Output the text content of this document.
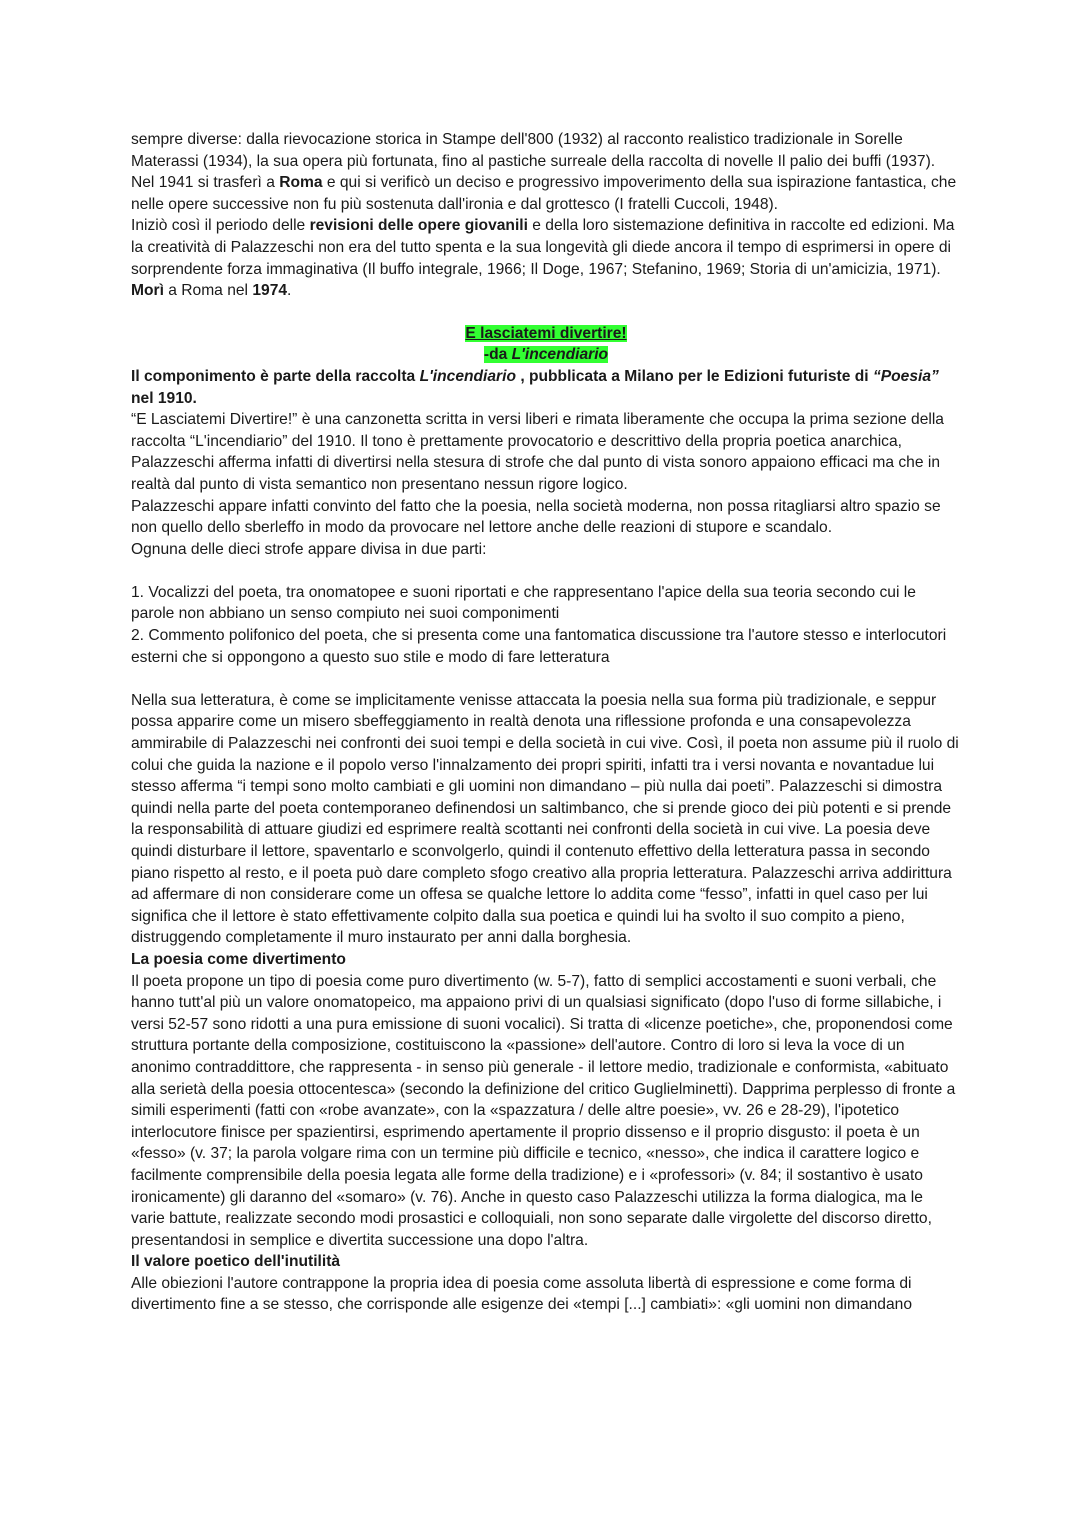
sempre diverse: dalla rievocazione storica in Stampe dell'800 (1932) al racconto realistico tradizionale in Sorelle Materassi (1934), la sua opera più fortunata, fino al pastiche surreale della raccolta di novelle Il palio dei buffi (1937). Nel 1941 si trasferì a Roma e qui si verificò un deciso e progressivo impoverimento della sua ispirazione fantastica, che nelle opere successive non fu più sostenuta dall'ironia e dal grottesco (I fratelli Cuccoli, 1948).

Iniziò così il periodo delle revisioni delle opere giovanili e della loro sistemazione definitiva in raccolte ed edizioni. Ma la creatività di Palazzeschi non era del tutto spenta e la sua longevità gli diede ancora il tempo di esprimersi in opere di sorprendente forza immaginativa (Il buffo integrale, 1966; Il Doge, 1967; Stefanino, 1969; Storia di un'amicizia, 1971). Morì a Roma nel 1974.

E lasciatemi divertire!
-da L'incendiario

Il componimento è parte della raccolta L'incendiario , pubblicata a Milano per le Edizioni futuriste di “Poesia” nel 1910.

“E Lasciatemi Divertire!” è una canzonetta scritta in versi liberi e rimata liberamente che occupa la prima sezione della raccolta “L'incendiario” del 1910. Il tono è prettamente provocatorio e descrittivo della propria poetica anarchica, Palazzeschi afferma infatti di divertirsi nella stesura di strofe che dal punto di vista sonoro appaiono efficaci ma che in realtà dal punto di vista semantico non presentano nessun rigore logico.

Palazzeschi appare infatti convinto del fatto che la poesia, nella società moderna, non possa ritagliarsi altro spazio se non quello dello sberleffo in modo da provocare nel lettore anche delle reazioni di stupore e scandalo.

Ognuna delle dieci strofe appare divisa in due parti:

1. Vocalizzi del poeta, tra onomatopee e suoni riportati e che rappresentano l'apice della sua teoria secondo cui le parole non abbiano un senso compiuto nei suoi componimenti

2. Commento polifonico del poeta, che si presenta come una fantomatica discussione tra l'autore stesso e interlocutori esterni che si oppongono a questo suo stile e modo di fare letteratura

Nella sua letteratura, è come se implicitamente venisse attaccata la poesia nella sua forma più tradizionale, e seppur possa apparire come un misero sbeffeggiamento in realtà denota una riflessione profonda e una consapevolezza ammirabile di Palazzeschi nei confronti dei suoi tempi e della società in cui vive. Così, il poeta non assume più il ruolo di colui che guida la nazione e il popolo verso l'innalzamento dei propri spiriti, infatti tra i versi novanta e novantadue lui stesso afferma “i tempi sono molto cambiati e gli uomini non dimandano – più nulla dai poeti”. Palazzeschi si dimostra quindi nella parte del poeta contemporaneo definendosi un saltimbanco, che si prende gioco dei più potenti e si prende la responsabilità di attuare giudizi ed esprimere realtà scottanti nei confronti della società in cui vive. La poesia deve quindi disturbare il lettore, spaventarlo e sconvolgerlo, quindi il contenuto effettivo della letteratura passa in secondo piano rispetto al resto, e il poeta può dare completo sfogo creativo alla propria letteratura. Palazzeschi arriva addirittura ad affermare di non considerare come un offesa se qualche lettore lo addita come “fesso”, infatti in quel caso per lui significa che il lettore è stato effettivamente colpito dalla sua poetica e quindi lui ha svolto il suo compito a pieno, distruggendo completamente il muro instaurato per anni dalla borghesia.

La poesia come divertimento

Il poeta propone un tipo di poesia come puro divertimento (w. 5-7), fatto di semplici accostamenti e suoni verbali, che hanno tutt'al più un valore onomatopeico, ma appaiono privi di un qualsiasi significato (dopo l'uso di forme sillabiche, i versi 52-57 sono ridotti a una pura emissione di suoni vocalici). Si tratta di «licenze poetiche», che, proponendosi come struttura portante della composizione, costituiscono la «passione» dell'autore. Contro di loro si leva la voce di un anonimo contraddittore, che rappresenta - in senso più generale - il lettore medio, tradizionale e conformista, «abituato alla serietà della poesia ottocentesca» (secondo la definizione del critico Guglielminetti). Dapprima perplesso di fronte a simili esperimenti (fatti con «robe avanzate», con la «spazzatura / delle altre poesie», vv. 26 e 28-29), l'ipotetico interlocutore finisce per spazientirsi, esprimendo apertamente il proprio dissenso e il proprio disgusto: il poeta è un «fesso» (v. 37; la parola volgare rima con un termine più difficile e tecnico, «nesso», che indica il carattere logico e facilmente comprensibile della poesia legata alle forme della tradizione) e i «professori» (v. 84; il sostantivo è usato ironicamente) gli daranno del «somaro» (v. 76). Anche in questo caso Palazzeschi utilizza la forma dialogica, ma le varie battute, realizzate secondo modi prosastici e colloquiali, non sono separate dalle virgolette del discorso diretto, presentandosi in semplice e divertita successione una dopo l'altra.

Il valore poetico dell'inutilità

Alle obiezioni l'autore contrappone la propria idea di poesia come assoluta libertà di espressione e come forma di divertimento fine a se stesso, che corrisponde alle esigenze dei «tempi [...] cambiati»: «gli uomini non dimandano
